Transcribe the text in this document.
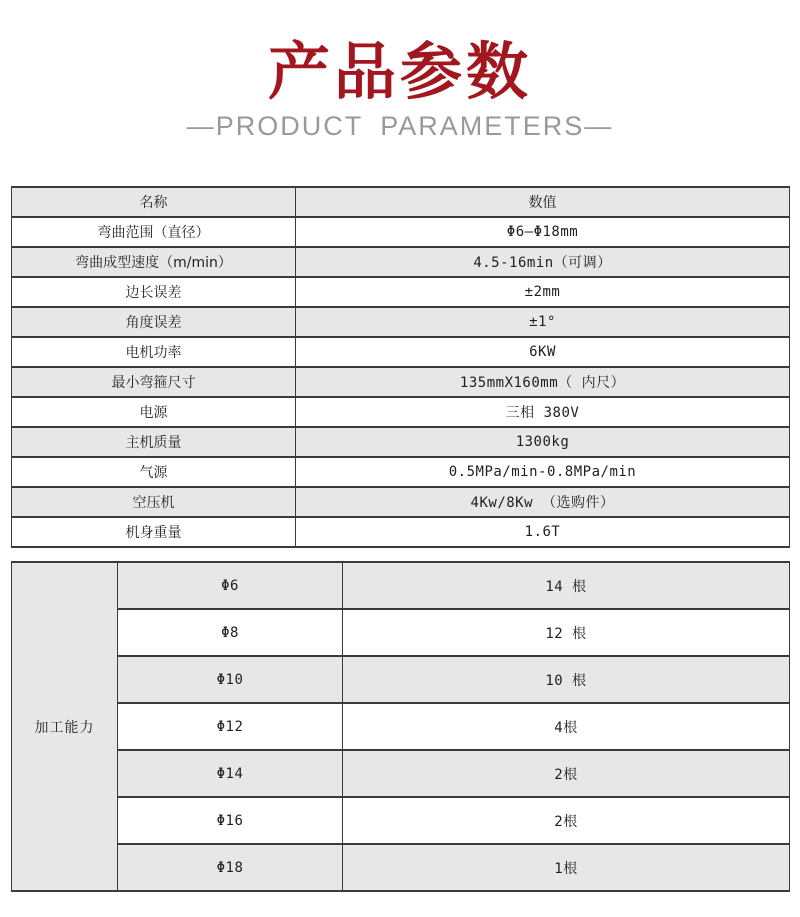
产品参数
—PRODUCT PARAMETERS—
名称	数值
弯曲范围（直径）	Φ6—Φ18mm
弯曲成型速度（m/min）	4.5-16min（可调）
边长误差	±2mm
角度误差	±1°
电机功率	6KW
最小弯箍尺寸	135mmX160mm（ 内尺）
电源	三相 380V
主机质量	1300kg
气源	0.5MPa/min-0.8MPa/min
空压机	4Kw/8Kw （选购件）
机身重量	1.6T
加工能力	Φ6	14 根
	Φ8	12 根
	Φ10	10 根
	Φ12	4根
	Φ14	2根
	Φ16	2根
	Φ18	1根
